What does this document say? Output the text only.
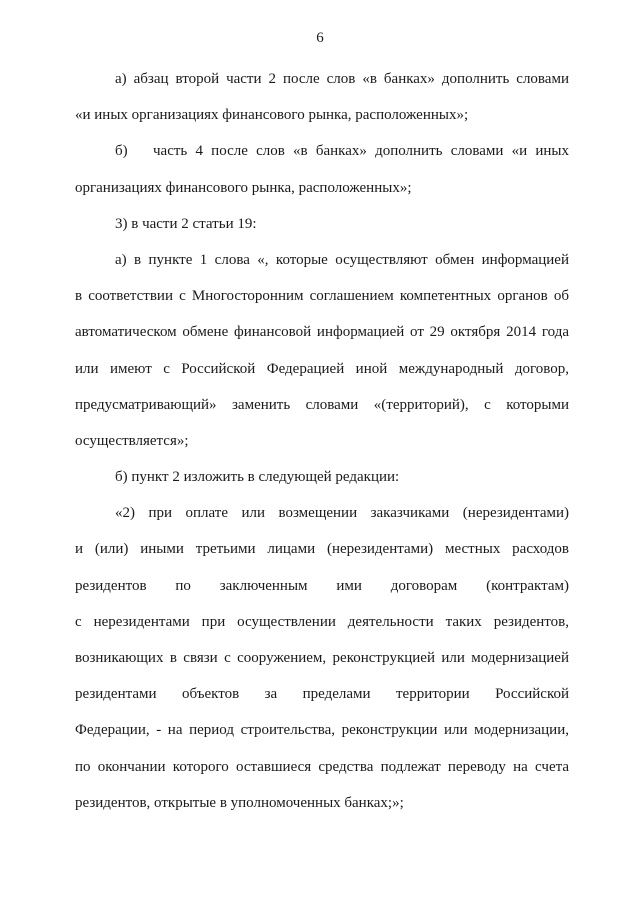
6
а) абзац второй части 2 после слов «в банках» дополнить словами
«и иных организациях финансового рынка, расположенных»;
б)	часть 4 после слов «в банках» дополнить словами «и иных
организациях финансового рынка, расположенных»;
3) в части 2 статьи 19:
а) в пункте 1 слова «, которые осуществляют обмен информацией
в соответствии с Многосторонним соглашением компетентных органов об
автоматическом обмене финансовой информацией от 29 октября 2014 года
или имеют с Российской Федерацией иной международный договор,
предусматривающий» заменить словами «(территорий), с которыми
осуществляется»;
б) пункт 2 изложить в следующей редакции:
«2) при оплате или возмещении заказчиками (нерезидентами)
и (или) иными третьими лицами (нерезидентами) местных расходов
резидентов по заключенным ими договорам (контрактам)
с нерезидентами при осуществлении деятельности таких резидентов,
возникающих в связи с сооружением, реконструкцией или модернизацией
резидентами объектов за пределами территории Российской
Федерации, - на период строительства, реконструкции или модернизации,
по окончании которого оставшиеся средства подлежат переводу на счета
резидентов, открытые в уполномоченных банках;»;
